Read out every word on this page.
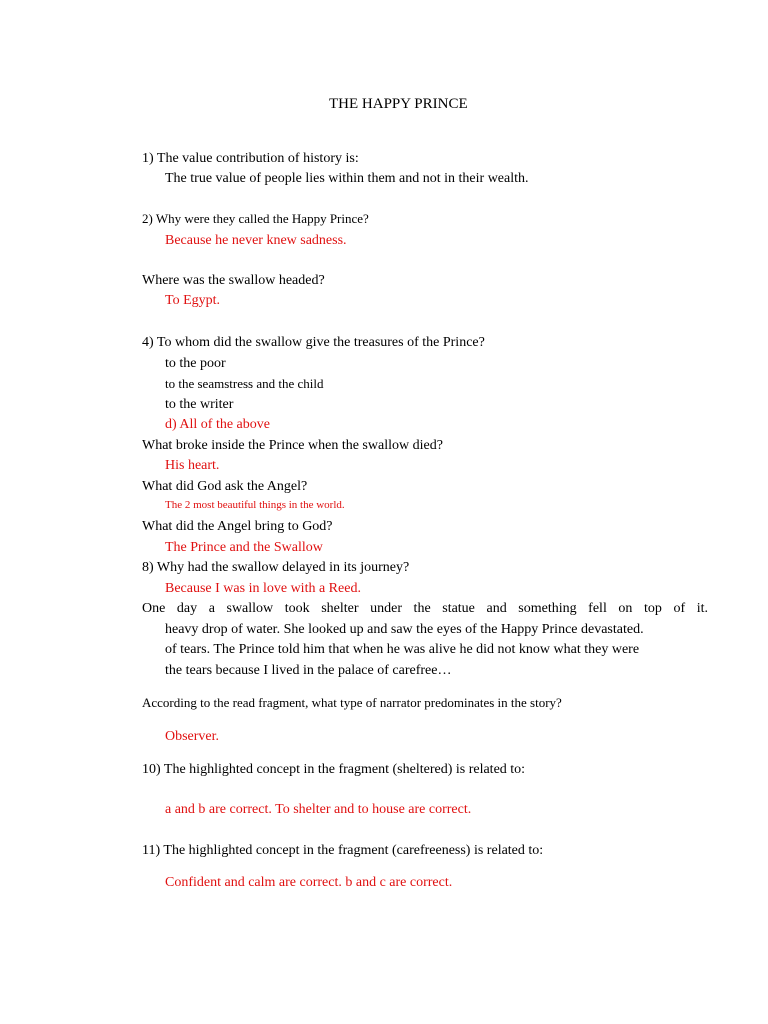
THE HAPPY PRINCE
1) The value contribution of history is:
The true value of people lies within them and not in their wealth.
2) Why were they called the Happy Prince?
Because he never knew sadness.
Where was the swallow headed?
To Egypt.
4) To whom did the swallow give the treasures of the Prince?
to the poor
to the seamstress and the child
to the writer
d) All of the above
What broke inside the Prince when the swallow died?
His heart.
What did God ask the Angel?
The 2 most beautiful things in the world.
What did the Angel bring to God?
The Prince and the Swallow
8) Why had the swallow delayed in its journey?
Because I was in love with a Reed.
One day a swallow took shelter under the statue and something fell on top of it.
heavy drop of water. She looked up and saw the eyes of the Happy Prince devastated.
of tears. The Prince told him that when he was alive he did not know what they were
the tears because I lived in the palace of carefree…
According to the read fragment, what type of narrator predominates in the story?
Observer.
10) The highlighted concept in the fragment (sheltered) is related to:
a and b are correct. To shelter and to house are correct.
11) The highlighted concept in the fragment (carefreeness) is related to:
Confident and calm are correct. b and c are correct.
